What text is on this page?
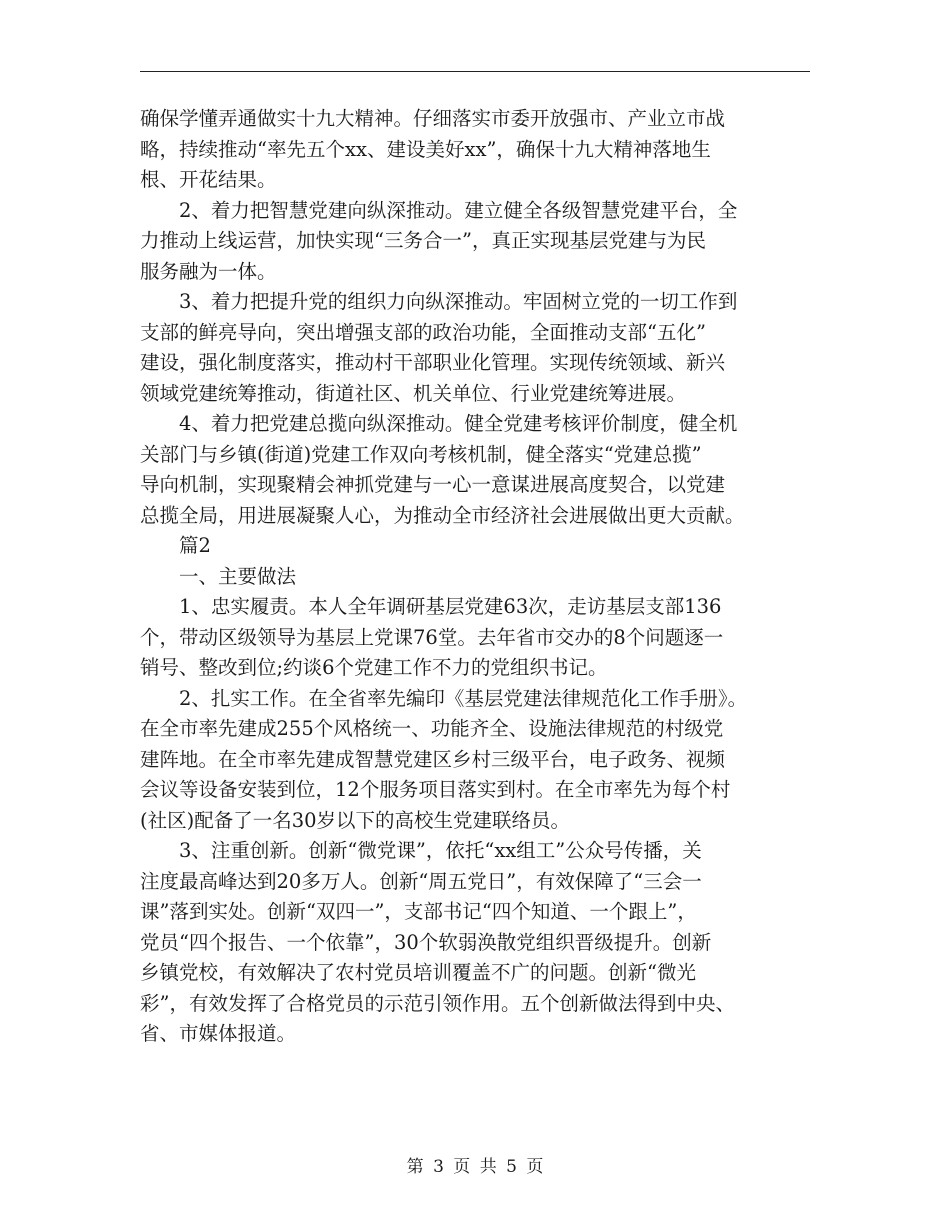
确保学懂弄通做实十九大精神。仔细落实市委开放强市、产业立市战
略，持续推动“率先五个xx、建设美好xx”，确保十九大精神落地生
根、开花结果。
2、着力把智慧党建向纵深推动。建立健全各级智慧党建平台，全
力推动上线运营，加快实现“三务合一”，真正实现基层党建与为民
服务融为一体。
3、着力把提升党的组织力向纵深推动。牢固树立党的一切工作到
支部的鲜亮导向，突出增强支部的政治功能，全面推动支部“五化”
建设，强化制度落实，推动村干部职业化管理。实现传统领域、新兴
领域党建统筹推动，街道社区、机关单位、行业党建统筹进展。
4、着力把党建总揽向纵深推动。健全党建考核评价制度，健全机
关部门与乡镇(街道)党建工作双向考核机制，健全落实“党建总揽”
导向机制，实现聚精会神抓党建与一心一意谋进展高度契合，以党建
总揽全局，用进展凝聚人心，为推动全市经济社会进展做出更大贡献。
篇2
一、主要做法
1、忠实履责。本人全年调研基层党建63次，走访基层支部136
个，带动区级领导为基层上党课76堂。去年省市交办的8个问题逐一
销号、整改到位;约谈6个党建工作不力的党组织书记。
2、扎实工作。在全省率先编印《基层党建法律规范化工作手册》。
在全市率先建成255个风格统一、功能齐全、设施法律规范的村级党
建阵地。在全市率先建成智慧党建区乡村三级平台，电子政务、视频
会议等设备安装到位，12个服务项目落实到村。在全市率先为每个村
(社区)配备了一名30岁以下的高校生党建联络员。
3、注重创新。创新“微党课”，依托“xx组工”公众号传播，关
注度最高峰达到20多万人。创新“周五党日”，有效保障了“三会一
课”落到实处。创新“双四一”，支部书记“四个知道、一个跟上”，
党员“四个报告、一个依靠”，30个软弱涣散党组织晋级提升。创新
乡镇党校，有效解决了农村党员培训覆盖不广的问题。创新“微光
彩”，有效发挥了合格党员的示范引领作用。五个创新做法得到中央、
省、市媒体报道。
第 3 页 共 5 页
